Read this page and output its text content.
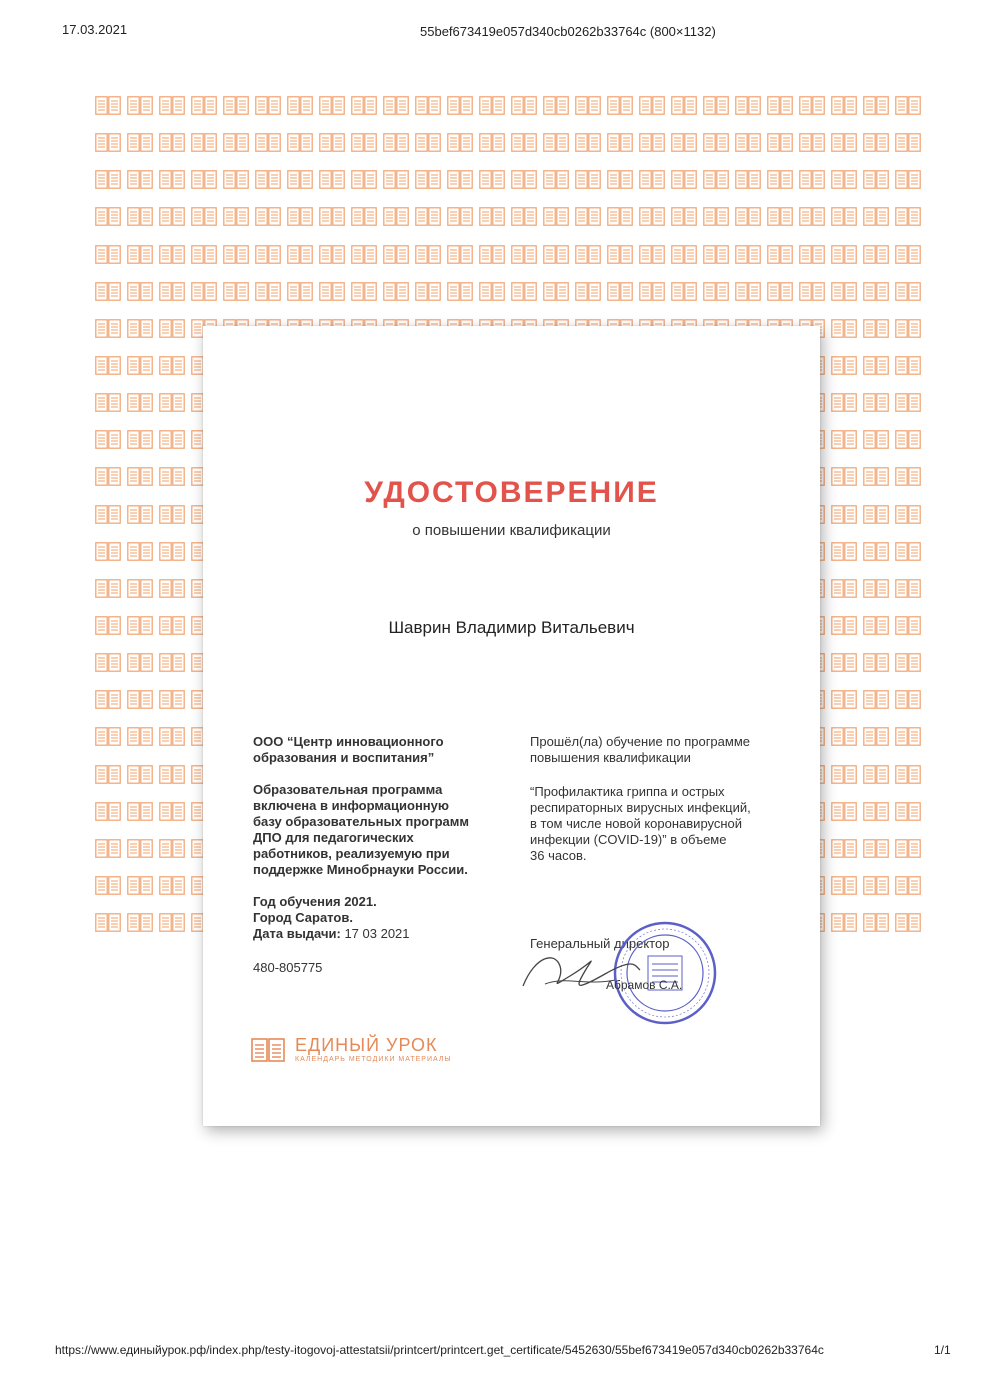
17.03.2021	55bef673419e057d340cb0262b33764c (800×1132)
УДОСТОВЕРЕНИЕ
о повышении квалификации
Шаврин Владимир Витальевич

ООО “Центр инновационного
образования и воспитания”

Образовательная программа
включена в информационную
базу образовательных программ
ДПО для педагогических
работников, реализуемую при
поддержке Минобрнауки России.

Год обучения 2021.

Город Саратов.

Дата выдачи: 17 03 2021

480-805775

Прошёл(ла) обучение по программе
повышения квалификации

“Профилактика гриппа и острых
респираторных вирусных инфекций,
в том числе новой коронавирусной
инфекции (COVID-19)” в объеме
36 часов.

Генеральный директор
Абрамов С.А.
ЕДИНЫЙ УРОК
КАЛЕНДАРЬ МЕТОДИКИ МАТЕРИАЛЫ
https://www.единыйурок.рф/index.php/testy-itogovoj-attestatsii/printcert/printcert.get_certificate/5452630/55bef673419e057d340cb0262b33764c	1/1
